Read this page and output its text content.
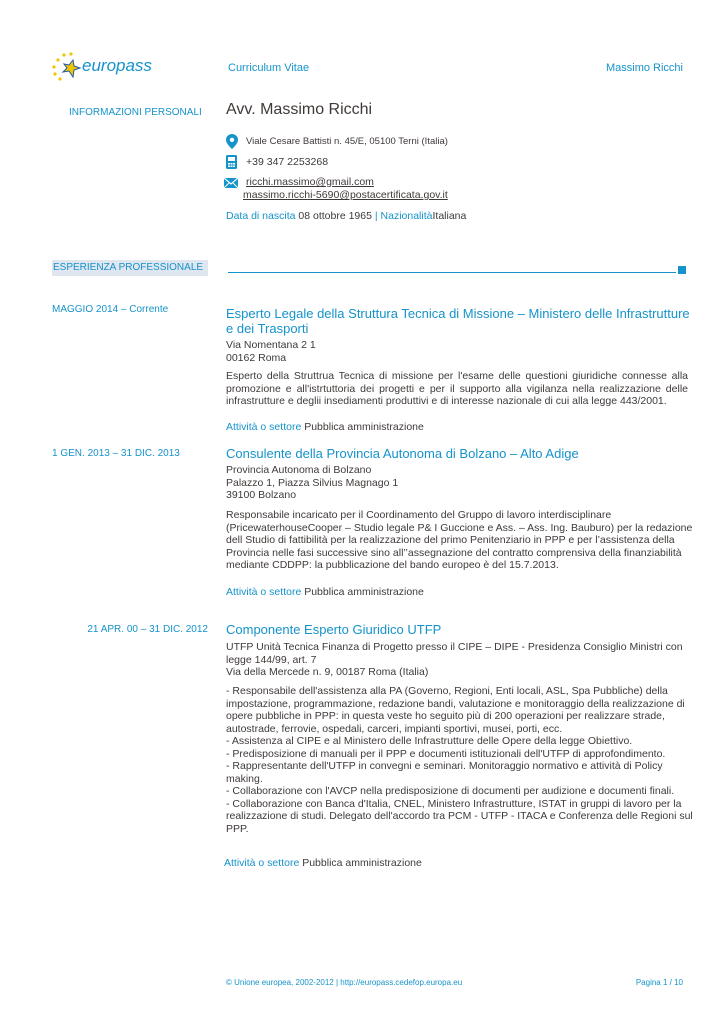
europass	Curriculum Vitae	Massimo Ricchi
INFORMAZIONI PERSONALI Avv. Massimo Ricchi
Viale Cesare Battisti n. 45/E, 05100 Terni (Italia)
+39 347 2253268
ricchi.massimo@gmail.com
massimo.ricchi-5690@postacertificata.gov.it
Data di nascita 08 ottobre 1965 | NazionalitàItaliana
ESPERIENZA PROFESSIONALE
MAGGIO 2014 – Corrente	Esperto Legale della Struttura Tecnica di Missione – Ministero delle Infrastrutture e dei Trasporti
Via Nomentana 2 1
00162 Roma
Esperto della Struttrua Tecnica di missione per l'esame delle questioni giuridiche connesse alla promozione e all'istrtuttoria dei progetti e per il supporto alla vigilanza nella realizzazione delle infrastrutture e deglii insediamenti produttivi e di interesse nazionale di cui alla legge 443/2001.
Attività o settore Pubblica amministrazione
1 GEN. 2013 – 31 DIC. 2013	Consulente della Provincia Autonoma di Bolzano – Alto Adige
Provincia Autonoma di Bolzano
Palazzo 1, Piazza Silvius Magnago 1
39100 Bolzano
Responsabile incaricato per il Coordinamento del Gruppo di lavoro interdisciplinare
(PricewaterhouseCooper – Studio legale P& I Guccione e Ass. – Ass. Ing. Bauburo) per la redazione
dell Studio di fattibilità per la realizzazione del primo Penitenziario in PPP e per l’assistenza della
Provincia nelle fasi successive sino all’’assegnazione del contratto comprensiva della finanziabilità
mediante CDDPP: la pubblicazione del bando europeo è del 15.7.2013.
Attività o settore Pubblica amministrazione
21 APR. 00 – 31 DIC. 2012 Componente Esperto Giuridico UTFP
UTFP Unità Tecnica Finanza di Progetto presso il CIPE – DIPE - Presidenza Consiglio Ministri con
legge 144/99, art. 7
Via della Mercede n. 9, 00187 Roma (Italia)
- Responsabile dell'assistenza alla PA (Governo, Regioni, Enti locali, ASL, Spa Pubbliche) della
impostazione, programmazione, redazione bandi, valutazione e monitoraggio della realizzazione di
opere pubbliche in PPP: in questa veste ho seguito più di 200 operazioni per realizzare strade,
autostrade, ferrovie, ospedali, carceri, impianti sportivi, musei, porti, ecc.
- Assistenza al CIPE e al Ministero delle Infrastrutture delle Opere della legge Obiettivo.
- Predisposizione di manuali per il PPP e documenti istituzionali dell'UTFP di approfondimento.
- Rappresentante dell'UTFP in convegni e seminari. Monitoraggio normativo e attività di Policy
making.
- Collaborazione con l'AVCP nella predisposizione di documenti per audizione e documenti finali.
- Collaborazione con Banca d'Italia, CNEL, Ministero Infrastrutture, ISTAT in gruppi di lavoro per la
realizzazione di studi. Delegato dell'accordo tra PCM - UTFP - ITACA e Conferenza delle Regioni sul
PPP.
Attività o settore Pubblica amministrazione
© Unione europea, 2002-2012 | http://europass.cedefop.europa.eu	Pagina 1 / 10
